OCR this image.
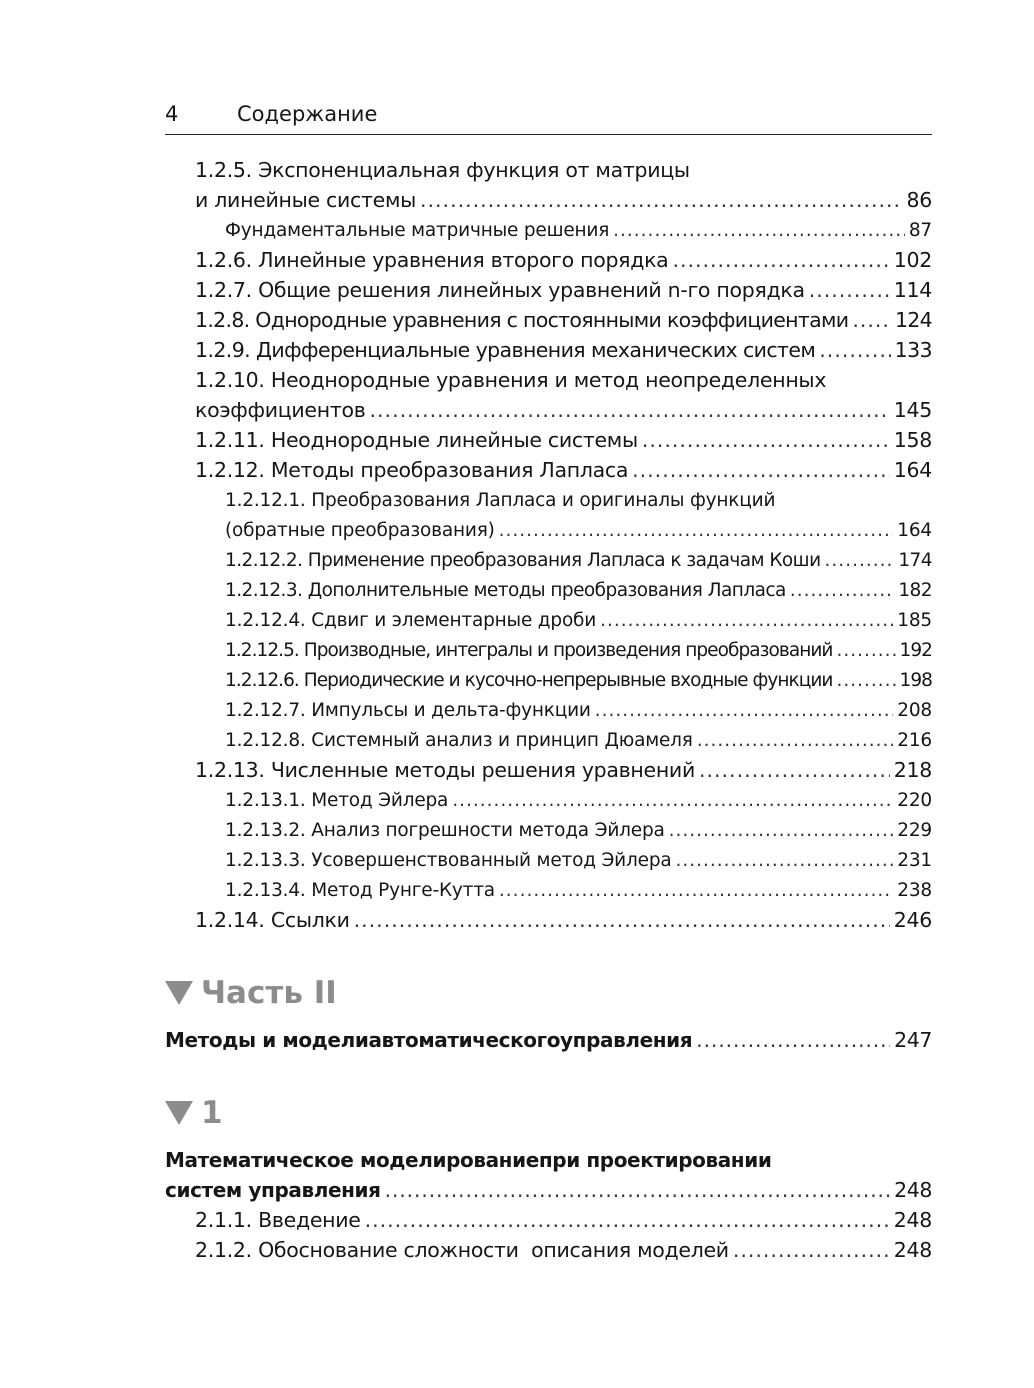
4	Содержание
1.2.5. Экспоненциальная функция от матрицы
и линейные системы .....	86
Фундаментальные матричные решения .....	87
1.2.6. Линейные уравнения второго порядка .....	102
1.2.7. Общие решения линейных уравнений n-го порядка .....	114
1.2.8. Однородные уравнения с постоянными коэффициентами ..... 124
1.2.9. Дифференциальные уравнения механических систем .....	133
1.2.10. Неоднородные уравнения и метод неопределенных
коэффициентов .....	145
1.2.11. Неоднородные линейные системы .....	158
1.2.12. Методы преобразования Лапласа .....	164
1.2.12.1. Преобразования Лапласа и оригиналы функций
(обратные преобразования) .....	164
1.2.12.2. Применение преобразования Лапласа к задачам Коши .....	174
1.2.12.3. Дополнительные методы преобразования Лапласа .....	182
1.2.12.4. Сдвиг и элементарные дроби .....	185
1.2.12.5. Производные, интегралы и произведения преобразований .....	192
1.2.12.6. Периодические и кусочно-непрерывные входные функции .....	198
1.2.12.7. Импульсы и дельта-функции .....	208
1.2.12.8. Системный анализ и принцип Дюамеля .....	216
1.2.13. Численные методы решения уравнений .....	218
1.2.13.1. Метод Эйлера .....	220
1.2.13.2. Анализ погрешности метода Эйлера .....	229
1.2.13.3. Усовершенствованный метод Эйлера .....	231
1.2.13.4. Метод Рунге-Кутта .....	238
1.2.14. Ссылки .....	246
Часть II
Методы и моделиавтоматическогоуправления .....	247
1
Математическое моделированиепри проектировании
систем управления .....	248
2.1.1. Введение .....	248
2.1.2. Обоснование сложности  описания моделей .....	248
